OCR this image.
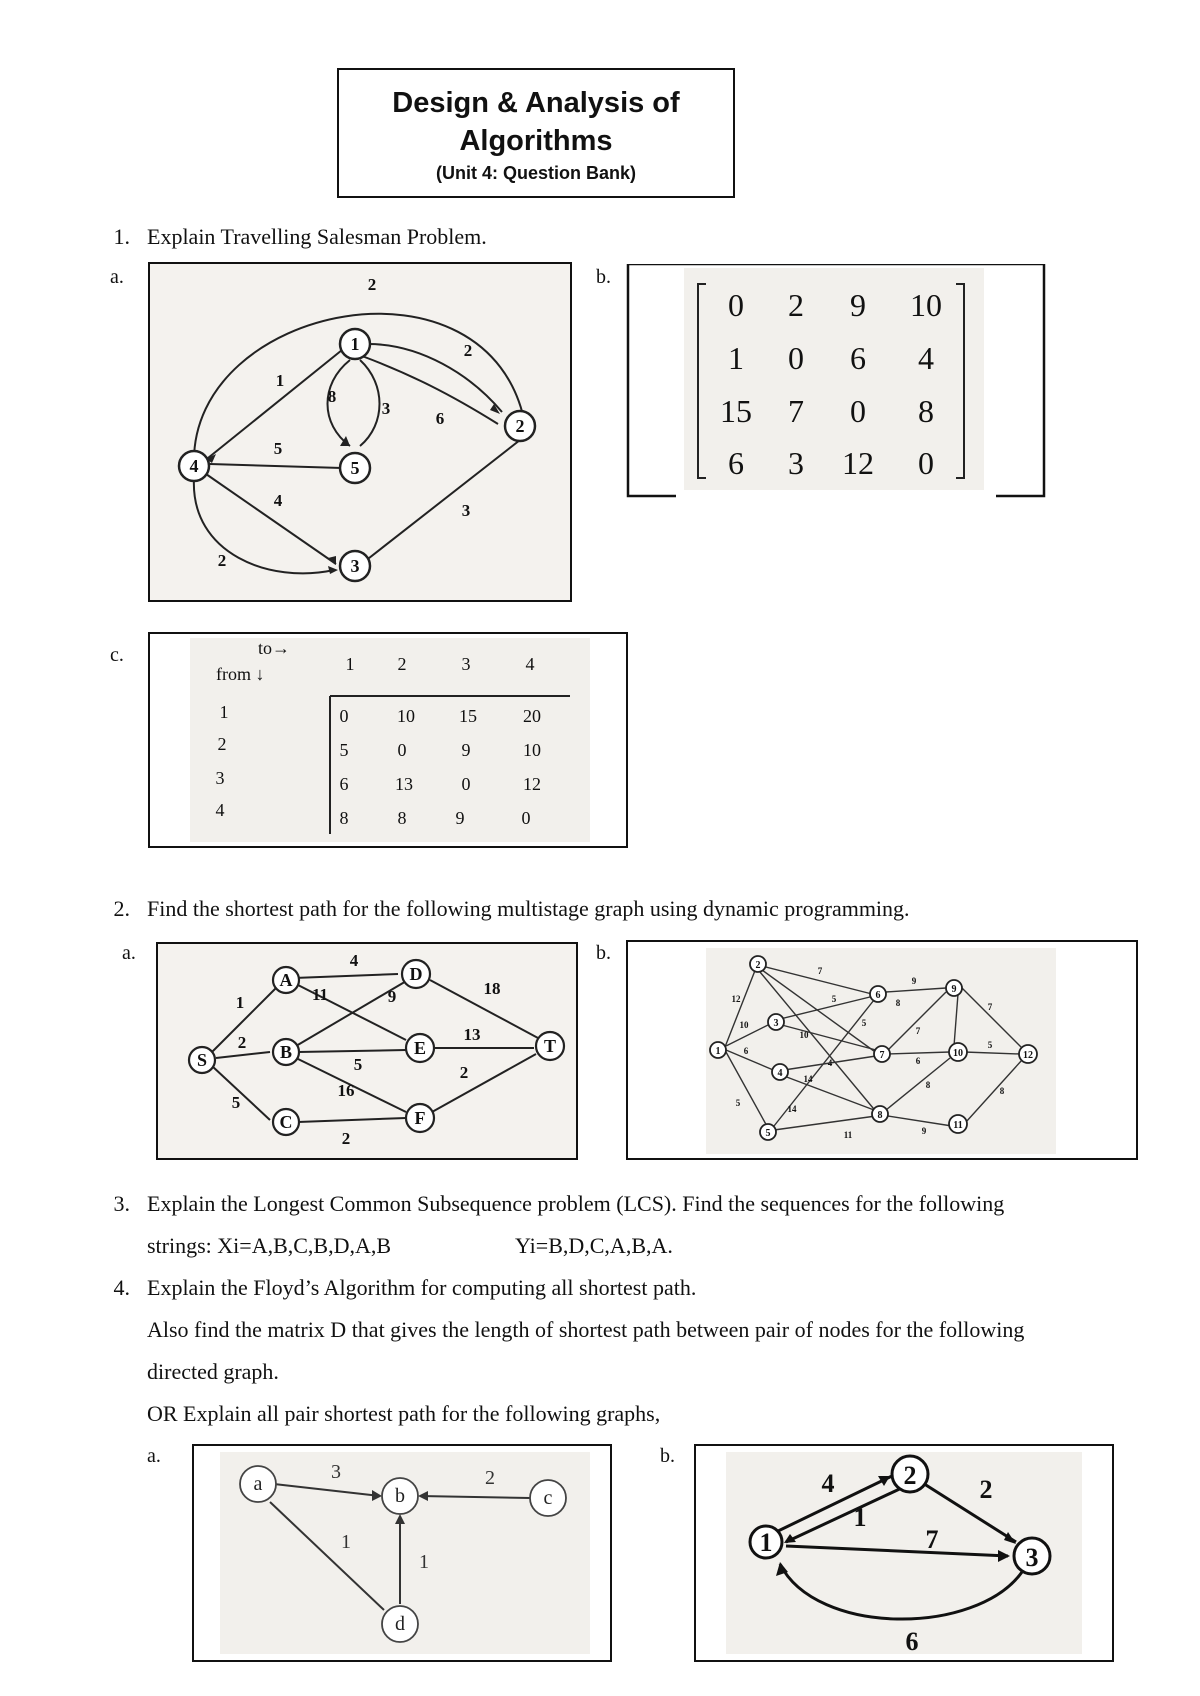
Design & Analysis of
Algorithms
(Unit 4: Question Bank)
1. Explain Travelling Salesman Problem.
a.
1
2
3
4	5
2
1
2
8
3
6
5
4
3
2
b.
0 2 9 10
1 0 6 4
15 7 0 8
6 3 12 0
c.	to→
from ↓	1 2	3	4
1	0	10 15	20
2	5	0	9	10
3	6	13	0	12
4	8	8	9	0
2. Find the shortest path for the following multistage graph using dynamic programming.
a.
S
A
B
C
D
E
F
T
1
2
5
4
11	9
5
16
2
18
13
2
b.
1
2
3
4
5
6
7
8
9
10
11
12
12
10
6
5
7
5
10
5
4
14
14
9
8
7
6
8
7
5
8
11	9
3. Explain the Longest Common Subsequence problem (LCS). Find the sequences for the following
strings: Xi=A,B,C,B,D,A,B	Yi=B,D,C,A,B,A.
4. Explain the Floyd’s Algorithm for computing all shortest path.
Also find the matrix D that gives the length of shortest path between pair of nodes for the following
directed graph.
OR Explain all pair shortest path for the following graphs,
a.
a
b	c
d
3	2
1
1
b.
1
2
3
4
1
2
7
6
